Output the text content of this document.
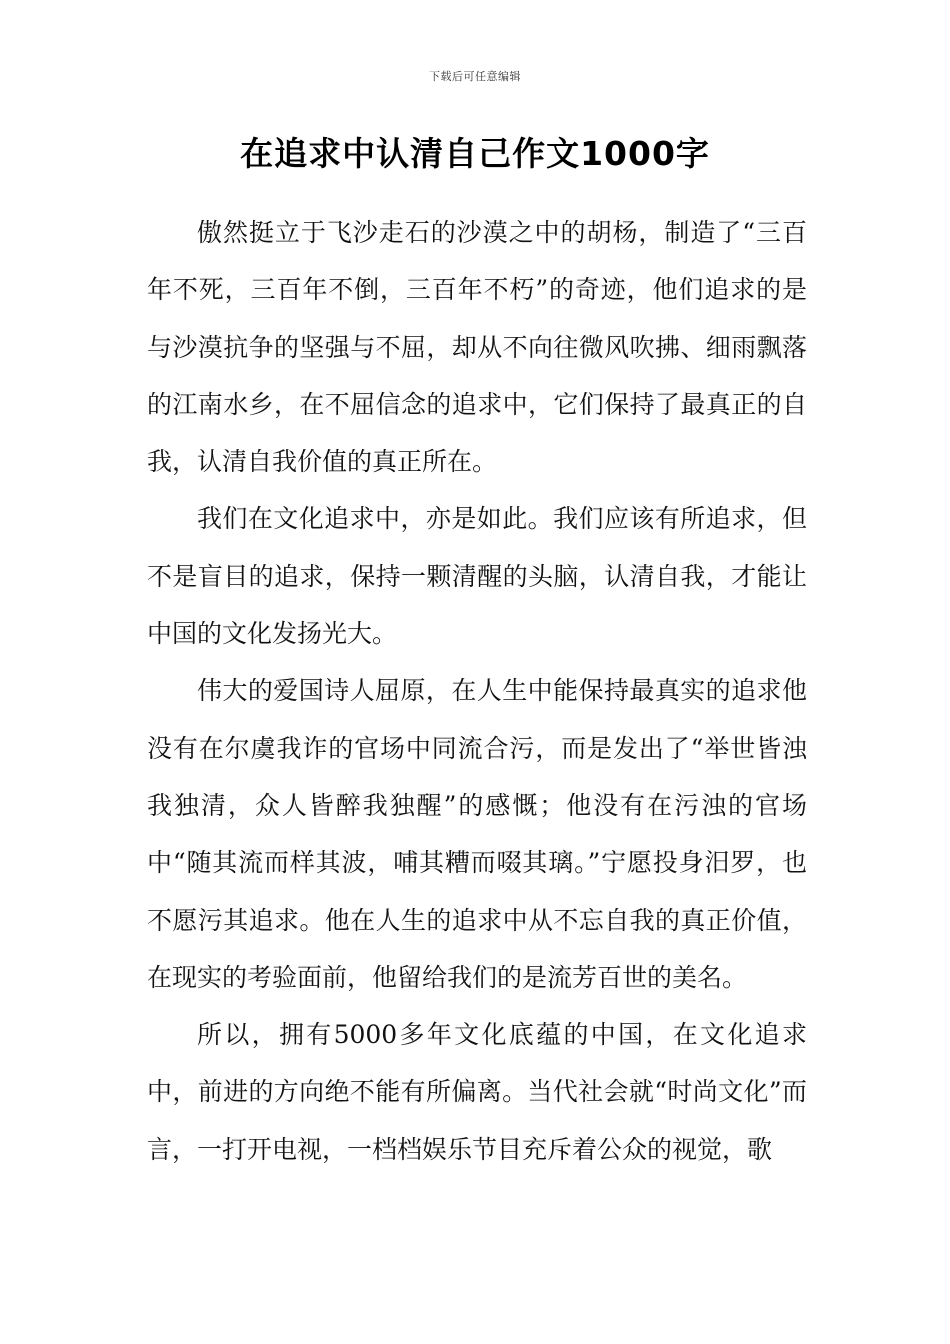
下载后可任意编辑
在追求中认清自己作文1000字

傲然挺立于飞沙走石的沙漠之中的胡杨，制造了“三百年不死，三百年不倒，三百年不朽”的奇迹，他们追求的是与沙漠抗争的坚强与不屈，却从不向往微风吹拂、细雨飘落的江南水乡，在不屈信念的追求中，它们保持了最真正的自我，认清自我价值的真正所在。

我们在文化追求中，亦是如此。我们应该有所追求，但不是盲目的追求，保持一颗清醒的头脑，认清自我，才能让中国的文化发扬光大。

伟大的爱国诗人屈原，在人生中能保持最真实的追求他没有在尔虞我诈的官场中同流合污，而是发出了“举世皆浊我独清，众人皆醉我独醒”的感慨；他没有在污浊的官场中“随其流而样其波，哺其糟而啜其璃。”宁愿投身汨罗，也不愿污其追求。他在人生的追求中从不忘自我的真正价值，在现实的考验面前，他留给我们的是流芳百世的美名。

所以，拥有5000多年文化底蕴的中国，在文化追求中，前进的方向绝不能有所偏离。当代社会就“时尚文化”而言，一打开电视，一档档娱乐节目充斥着公众的视觉，歌
